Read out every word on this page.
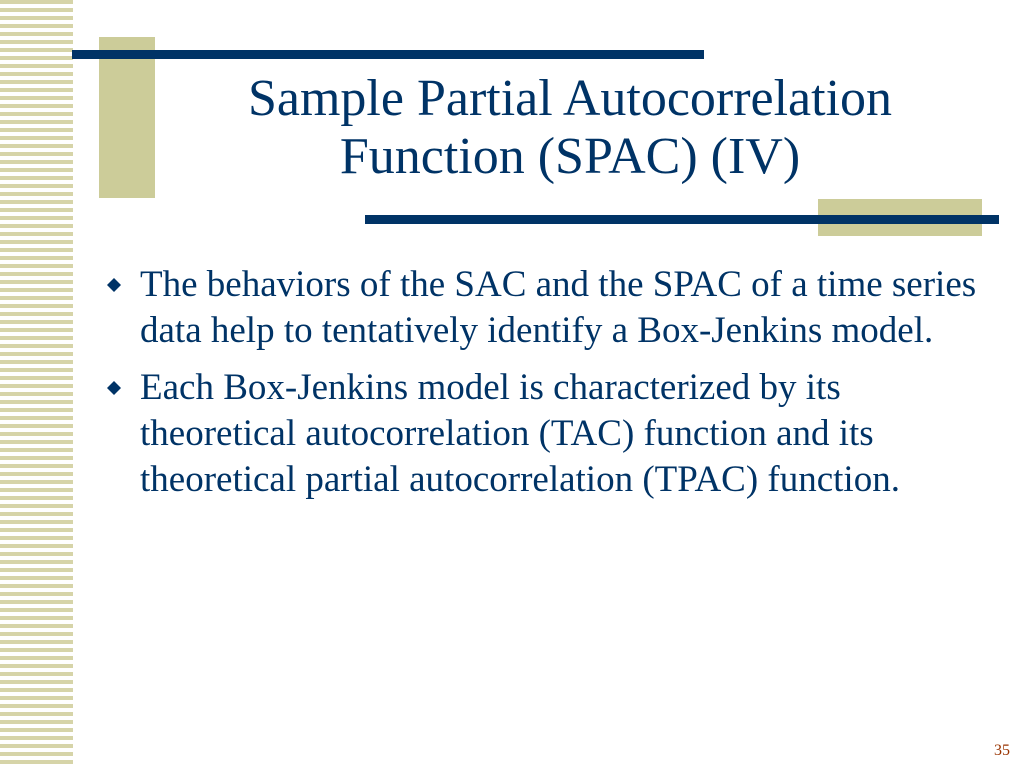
Sample Partial Autocorrelation
Function (SPAC) (IV)
The behaviors of the SAC and the SPAC of a time series data help to tentatively identify a Box-Jenkins model.
Each Box-Jenkins model is characterized by its theoretical autocorrelation (TAC) function and its theoretical partial autocorrelation (TPAC) function.
35
